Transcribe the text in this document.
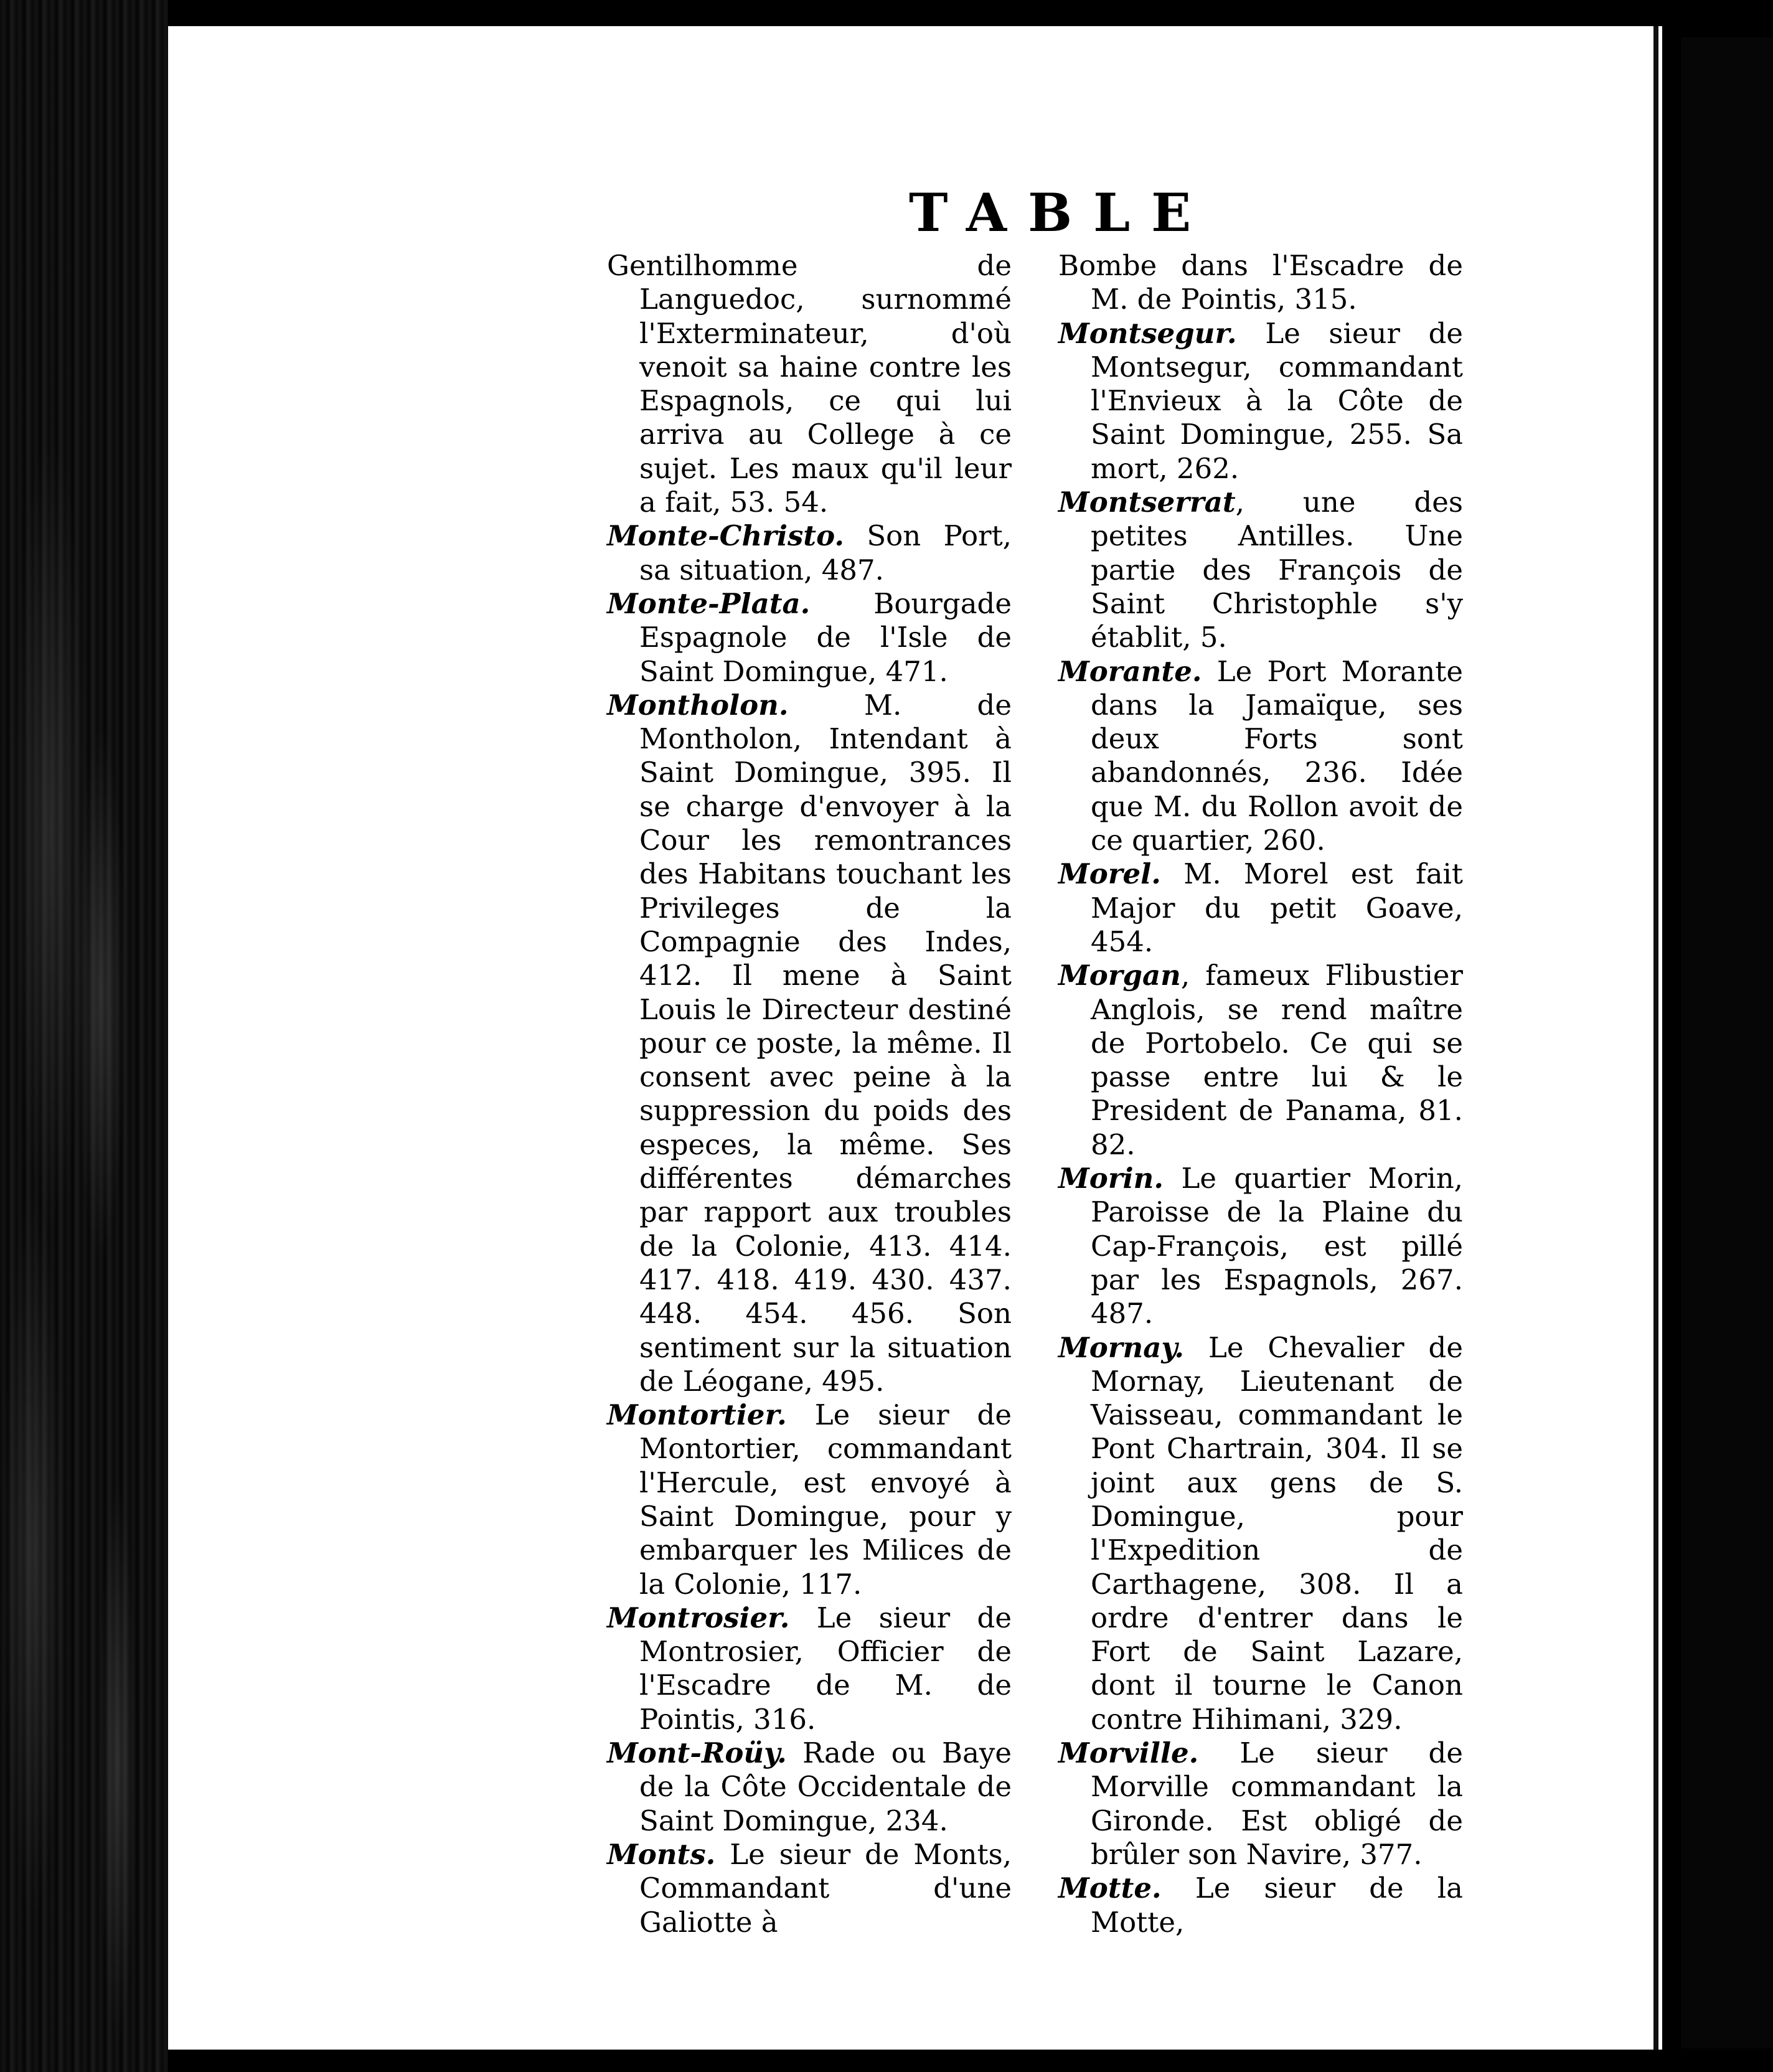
TABLE

Gentilhomme de Languedoc, surnommé l'Exterminateur, d'où venoit sa haine contre les Espagnols, ce qui lui arriva au College à ce sujet. Les maux qu'il leur a fait, 53. 54.

Monte-Christo. Son Port, sa situation, 487.

Monte-Plata. Bourgade Espagnole de l'Isle de Saint Domingue, 471.

Montholon.	M. de Montholon, Intendant à Saint Domingue, 395. Il se charge d'envoyer à la Cour les remontrances des Habitans touchant les Privileges de la Compagnie des Indes, 412. Il mene à Saint Louis le Directeur destiné pour ce poste, la même. Il consent avec peine à la suppression du poids des especes, la même. Ses différentes démarches par rapport aux troubles de la Colonie, 413. 414. 417. 418. 419. 430. 437. 448. 454. 456. Son sentiment sur la situation de Léogane, 495.

Montortier. Le sieur de Montortier, commandant l'Hercule, est envoyé à Saint Domingue, pour y embarquer les Milices de la Colonie, 117.

Montrosier. Le sieur de Montrosier, Officier de l'Escadre de M. de Pointis, 316.

Mont-Roüy. Rade ou Baye de la Côte Occidentale de Saint Domingue, 234.

Monts. Le sieur de Monts, Commandant d'une Galiotte à

Bombe dans l'Escadre de M. de Pointis, 315.

Montsegur. Le sieur de Montsegur, commandant l'Envieux à la Côte de Saint Domingue, 255. Sa mort, 262.

Montserrat, une des petites Antilles. Une partie des François de Saint Christophle s'y établit, 5.

Morante. Le Port Morante dans la Jamaïque, ses deux Forts sont abandonnés, 236. Idée que M. du Rollon avoit de ce quartier, 260.

Morel. M. Morel est fait Major du petit Goave, 454.

Morgan, fameux Flibustier Anglois, se rend maître de Portobelo. Ce qui se passe entre lui & le President de Panama, 81. 82.

Morin. Le quartier Morin, Paroisse de la Plaine du Cap-François, est pillé par les Espagnols, 267. 487.

Mornay. Le Chevalier de Mornay, Lieutenant de Vaisseau, commandant le Pont Chartrain, 304. Il se joint aux gens de S. Domingue, pour l'Expedition de Carthagene, 308. Il a ordre d'entrer dans le Fort de Saint Lazare, dont il tourne le Canon contre Hihimani, 329.

Morville. Le sieur de Morville commandant la Gironde. Est obligé de brûler son Navire, 377.

Motte. Le sieur de la Motte,
